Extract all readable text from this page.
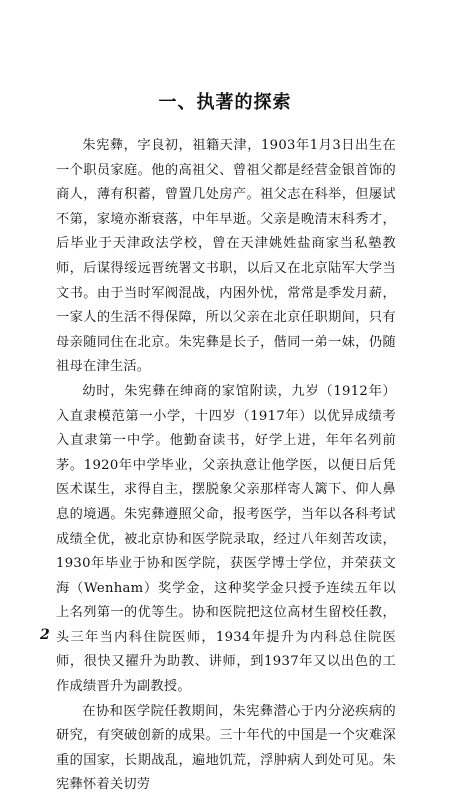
一、执著的探索

朱宪彝，字良初，祖籍天津，1903年1月3日出生在一个职员家庭。他的高祖父、曾祖父都是经营金银首饰的商人，薄有积蓄，曾置几处房产。祖父志在科举，但屡试不第，家境亦渐衰落，中年早逝。父亲是晚清末科秀才，后毕业于天津政法学校，曾在天津姚姓盐商家当私塾教师，后谋得绥远晋统署文书职，以后又在北京陆军大学当文书。由于当时军阀混战，内困外忧，常常是季发月薪，一家人的生活不得保障，所以父亲在北京任职期间，只有母亲随同住在北京。朱宪彝是长子，偕同一弟一妹，仍随祖母在津生活。

幼时，朱宪彝在绅商的家馆附读，九岁（1912年）入直隶模范第一小学，十四岁（1917年）以优异成绩考入直隶第一中学。他勤奋读书，好学上进，年年名列前茅。1920年中学毕业，父亲执意让他学医，以便日后凭医术谋生，求得自主，摆脱象父亲那样寄人篱下、仰人鼻息的境遇。朱宪彝遵照父命，报考医学，当年以各科考试成绩全优，被北京协和医学院录取，经过八年刻苦攻读，1930年毕业于协和医学院，获医学博士学位，并荣获文海（Wenham）奖学金，这种奖学金只授予连续五年以上名列第一的优等生。协和医院把这位高材生留校任教，头三年当内科住院医师，1934年提升为内科总住院医师，很快又擢升为助教、讲师，到1937年又以出色的工作成绩晋升为副教授。

在协和医学院任教期间，朱宪彝潜心于内分泌疾病的研究，有突破创新的成果。三十年代的中国是一个灾难深重的国家，长期战乱，遍地饥荒，浮肿病人到处可见。朱宪彝怀着关切劳

2
